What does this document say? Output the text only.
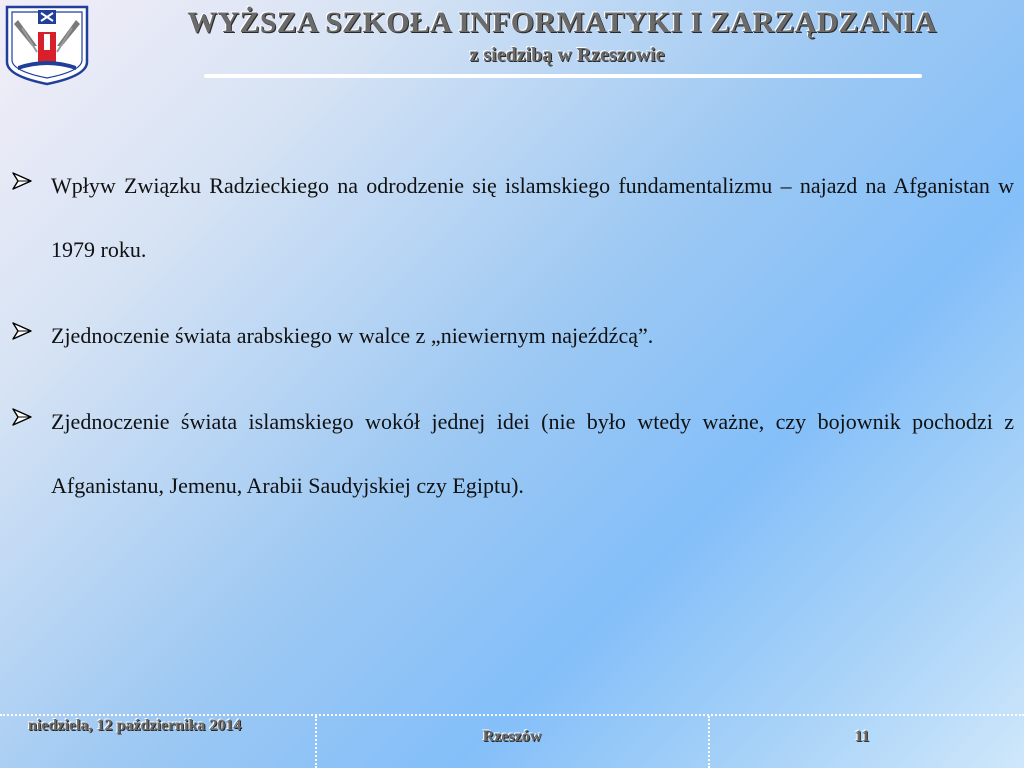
WYŻSZA SZKOŁA INFORMATYKI I ZARZĄDZANIA
z siedzibą w Rzeszowie
Wpływ Związku Radzieckiego na odrodzenie się islamskiego fundamentalizmu – najazd na Afganistan w 1979 roku.
Zjednoczenie świata arabskiego w walce z „niewiernym najeźdźcą”.
Zjednoczenie świata islamskiego wokół jednej idei (nie było wtedy ważne, czy bojownik pochodzi z Afganistanu, Jemenu, Arabii Saudyjskiej czy Egiptu).
niedziela, 12 października 2014
Rzeszów	11
